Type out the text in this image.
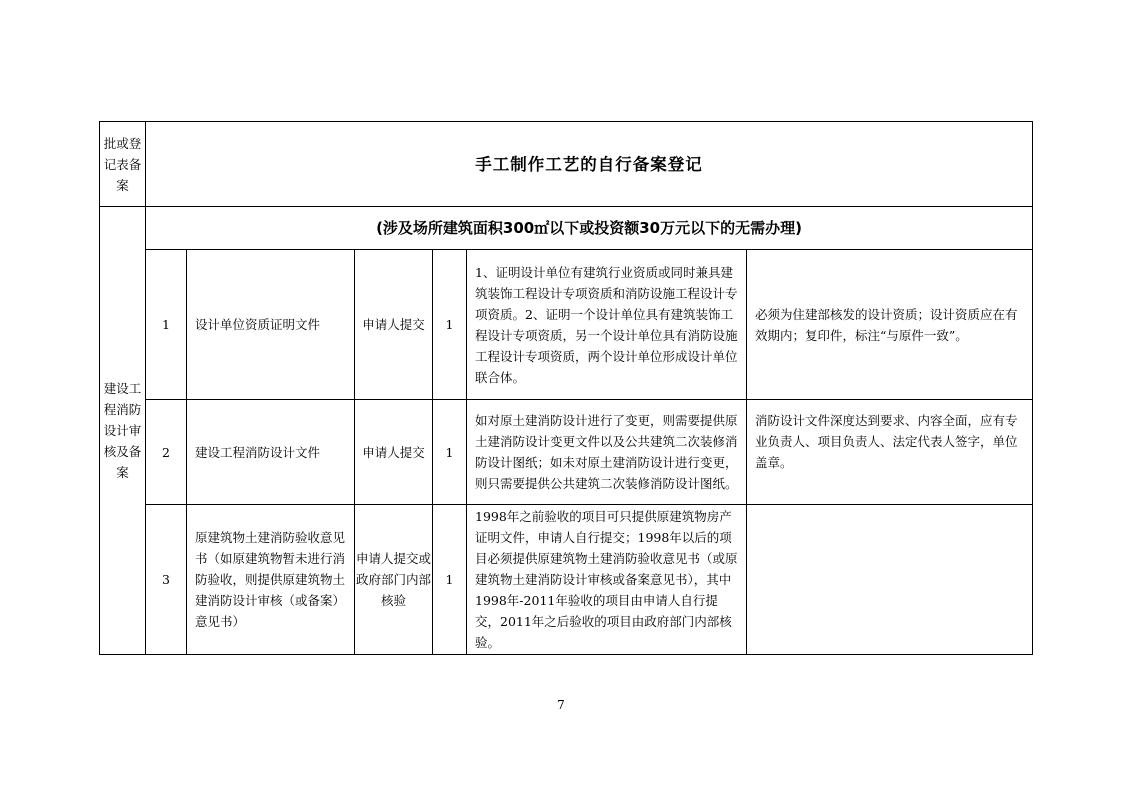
批或登记表备案	手工制作工艺的自行备案登记					
建设工程消防设计审核及备案	(涉及场所建筑面积300㎡以下或投资额30万元以下的无需办理)					
	1	设计单位资质证明文件	申请人提交	1	1、证明设计单位有建筑行业资质或同时兼具建筑装饰工程设计专项资质和消防设施工程设计专项资质。2、证明一个设计单位具有建筑装饰工程设计专项资质，另一个设计单位具有消防设施工程设计专项资质，两个设计单位形成设计单位联合体。	必须为住建部核发的设计资质；设计资质应在有效期内；复印件，标注“与原件一致”。
	2	建设工程消防设计文件	申请人提交	1	如对原土建消防设计进行了变更，则需要提供原土建消防设计变更文件以及公共建筑二次装修消防设计图纸；如未对原土建消防设计进行变更，则只需要提供公共建筑二次装修消防设计图纸。	消防设计文件深度达到要求、内容全面，应有专业负责人、项目负责人、法定代表人签字，单位盖章。
	3	原建筑物土建消防验收意见书（如原建筑物暂未进行消防验收，则提供原建筑物土建消防设计审核（或备案）意见书）	申请人提交或政府部门内部核验	1	1998年之前验收的项目可只提供原建筑物房产证明文件，申请人自行提交；1998年以后的项目必须提供原建筑物土建消防验收意见书（或原建筑物土建消防设计审核或备案意见书），其中1998年-2011年验收的项目由申请人自行提交，2011年之后验收的项目由政府部门内部核验。	
7
